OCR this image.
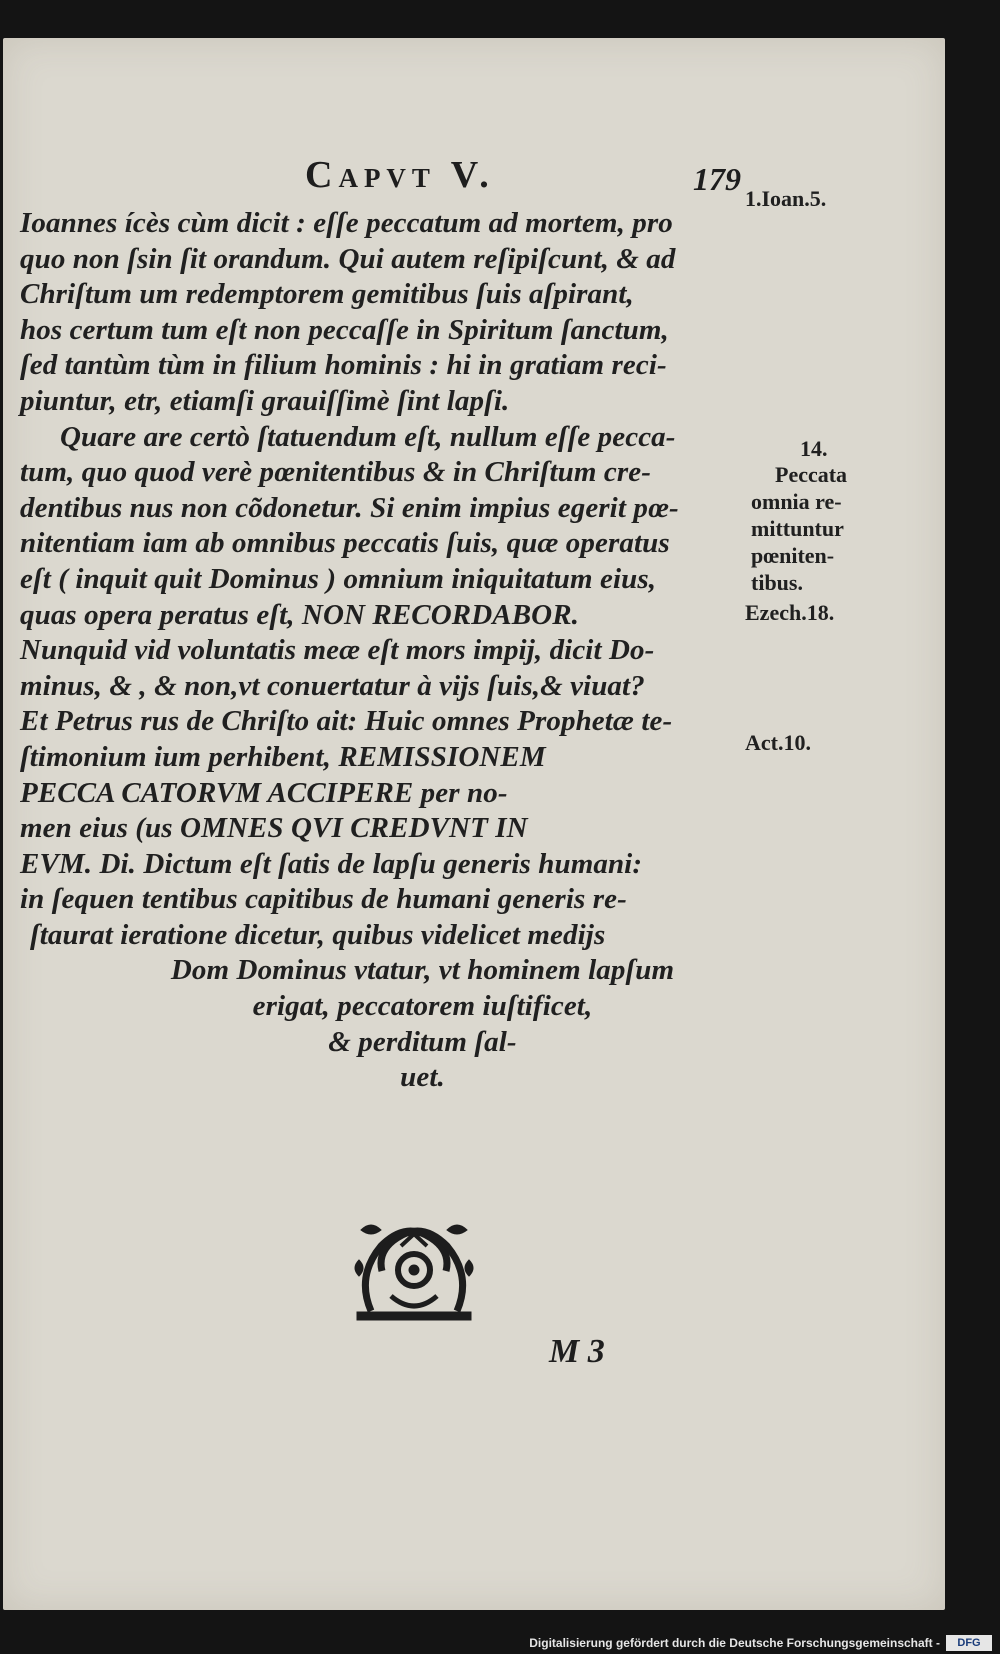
Capvt V.	179
Ioannes ícès cùm dicit : eſſe peccatum ad mortem, pro
quo non ſsin ſit orandum. Qui autem reſipiſcunt, & ad
Chriſtum um redemptorem gemitibus ſuis aſpirant,
hos certum tum eſt non peccaſſe in Spiritum ſanctum,
ſed tantùm tùm in filium hominis : hi in gratiam reci-
piuntur, etr, etiamſi grauiſſimè ſint lapſi.
Quare are certò ſtatuendum eſt, nullum eſſe pecca-
tum, quo quod verè pœnitentibus & in Chriſtum cre-
dentibus nus non cõdonetur. Si enim impius egerit pœ-
nitentiam iam ab omnibus peccatis ſuis, quæ operatus
eſt ( inquit quit Dominus ) omnium iniquitatum eius,
quas opera peratus eſt, NON RECORDABOR.
Nunquid vid voluntatis meæ eſt mors impij, dicit Do-
minus, & , & non,vt conuertatur à vijs ſuis,& viuat?
Et Petrus rus de Chriſto ait: Huic omnes Prophetæ te-
ſtimonium ium perhibent, REMISSIONEM
PECCA CATORVM ACCIPERE per no-
men eius (us OMNES QVI CREDVNT IN
EVM. Di. Dictum eſt ſatis de lapſu generis humani:
in ſequen tentibus capitibus de humani generis re-
ſtaurat ieratione dicetur, quibus videlicet medijs
Dom Dominus vtatur, vt hominem lapſum
erigat, peccatorem iuſtificet,
& perditum ſal-
uet.
1.Ioan.5.
14.
Peccata
omnia re-
mittuntur
pœniten-
tibus.
Ezech.18.
Act.10.
M 3
Digitalisierung gefördert durch die Deutsche Forschungsgemeinschaft -	DFG
